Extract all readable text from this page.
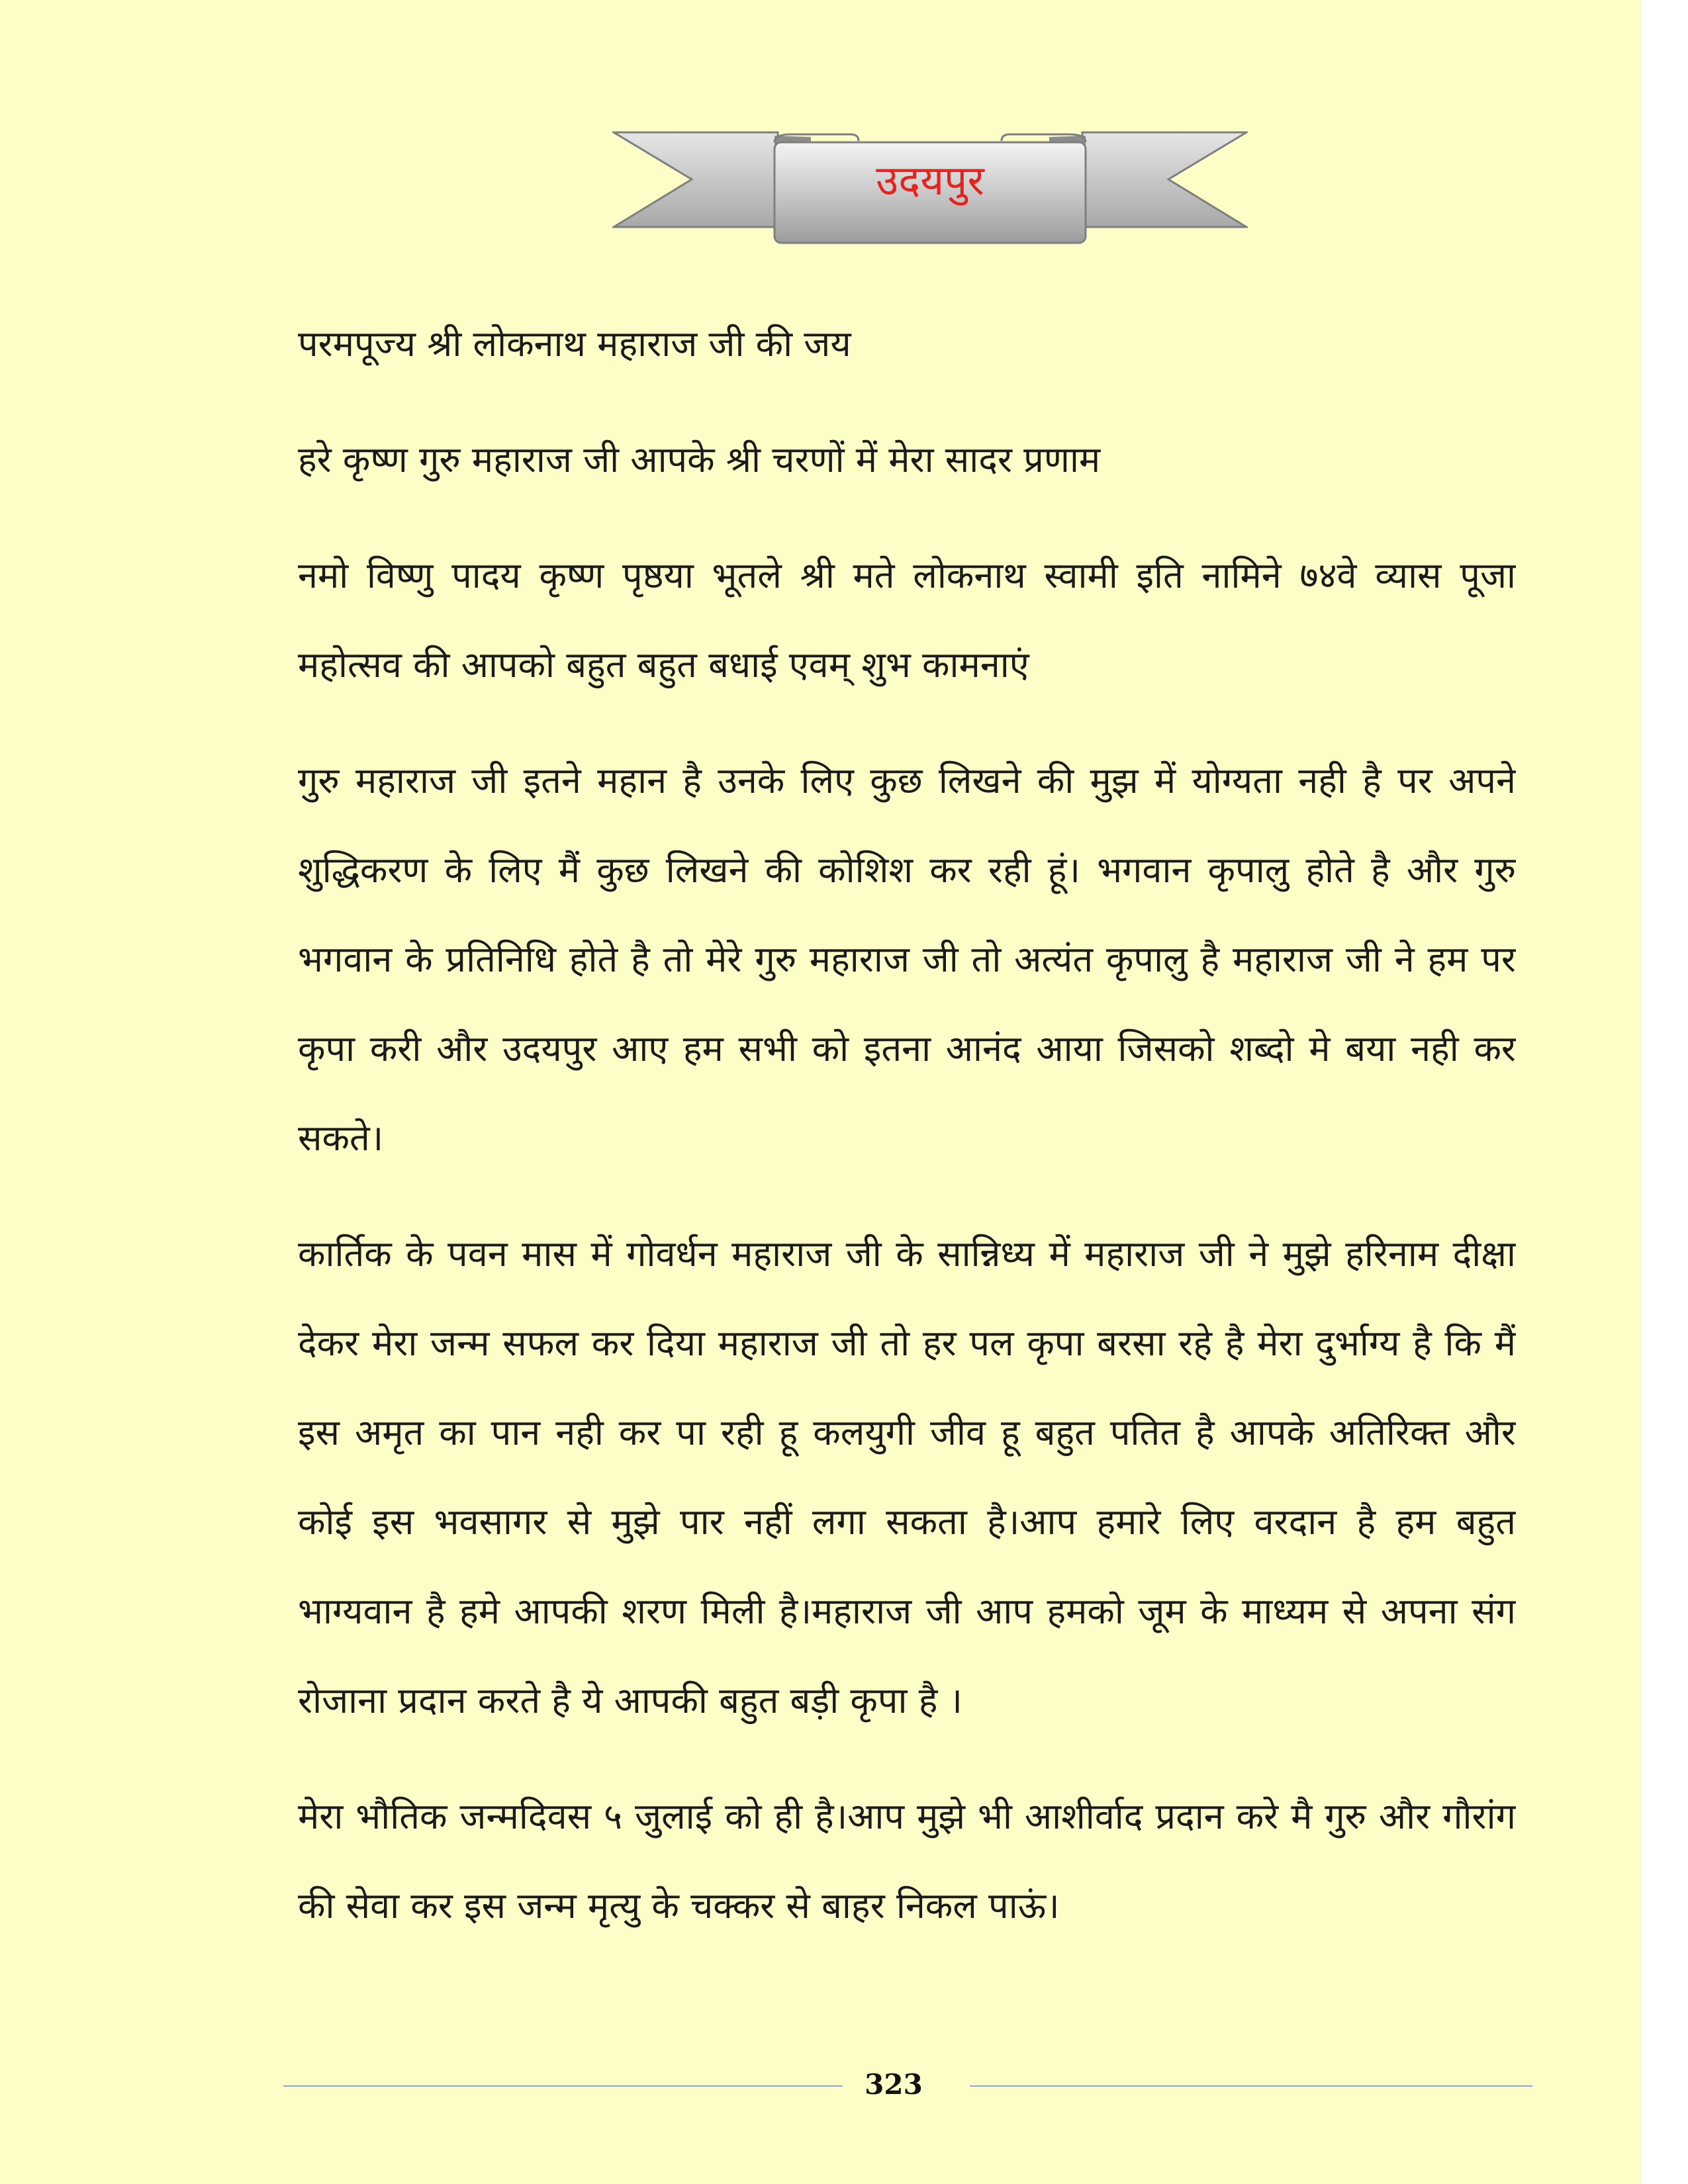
उदयपुर
परमपूज्य श्री लोकनाथ महाराज जी की जय
हरे कृष्ण गुरु महाराज जी आपके श्री चरणों में मेरा सादर प्रणाम
नमो विष्णु पादय कृष्ण पृष्ठया भूतले श्री मते लोकनाथ स्वामी इति नामिने ७४वे व्यास पूजा
महोत्सव की आपको बहुत बहुत बधाई एवम् शुभ कामनाएं
गुरु महाराज जी इतने महान है उनके लिए कुछ लिखने की मुझ में योग्यता नही है पर अपने
शुद्धिकरण के लिए मैं कुछ लिखने की कोशिश कर रही हूं। भगवान कृपालु होते है और गुरु
भगवान के प्रतिनिधि होते है तो मेरे गुरु महाराज जी तो अत्यंत कृपालु है महाराज जी ने हम पर
कृपा करी और उदयपुर आए हम सभी को इतना आनंद आया जिसको शब्दो मे बया नही कर
सकते।
कार्तिक के पवन मास में गोवर्धन महाराज जी के सान्निध्य में महाराज जी ने मुझे हरिनाम दीक्षा
देकर मेरा जन्म सफल कर दिया महाराज जी तो हर पल कृपा बरसा रहे है मेरा दुर्भाग्य है कि मैं
इस अमृत का पान नही कर पा रही हू कलयुगी जीव हू बहुत पतित है आपके अतिरिक्त और
कोई इस भवसागर से मुझे पार नहीं लगा सकता है।आप हमारे लिए वरदान है हम बहुत
भाग्यवान है हमे आपकी शरण मिली है।महाराज जी आप हमको जूम के माध्यम से अपना संग
रोजाना प्रदान करते है ये आपकी बहुत बड़ी कृपा है ।
मेरा भौतिक जन्मदिवस ५ जुलाई को ही है।आप मुझे भी आशीर्वाद प्रदान करे मै गुरु और गौरांग
की सेवा कर इस जन्म मृत्यु के चक्कर से बाहर निकल पाऊं।
323
